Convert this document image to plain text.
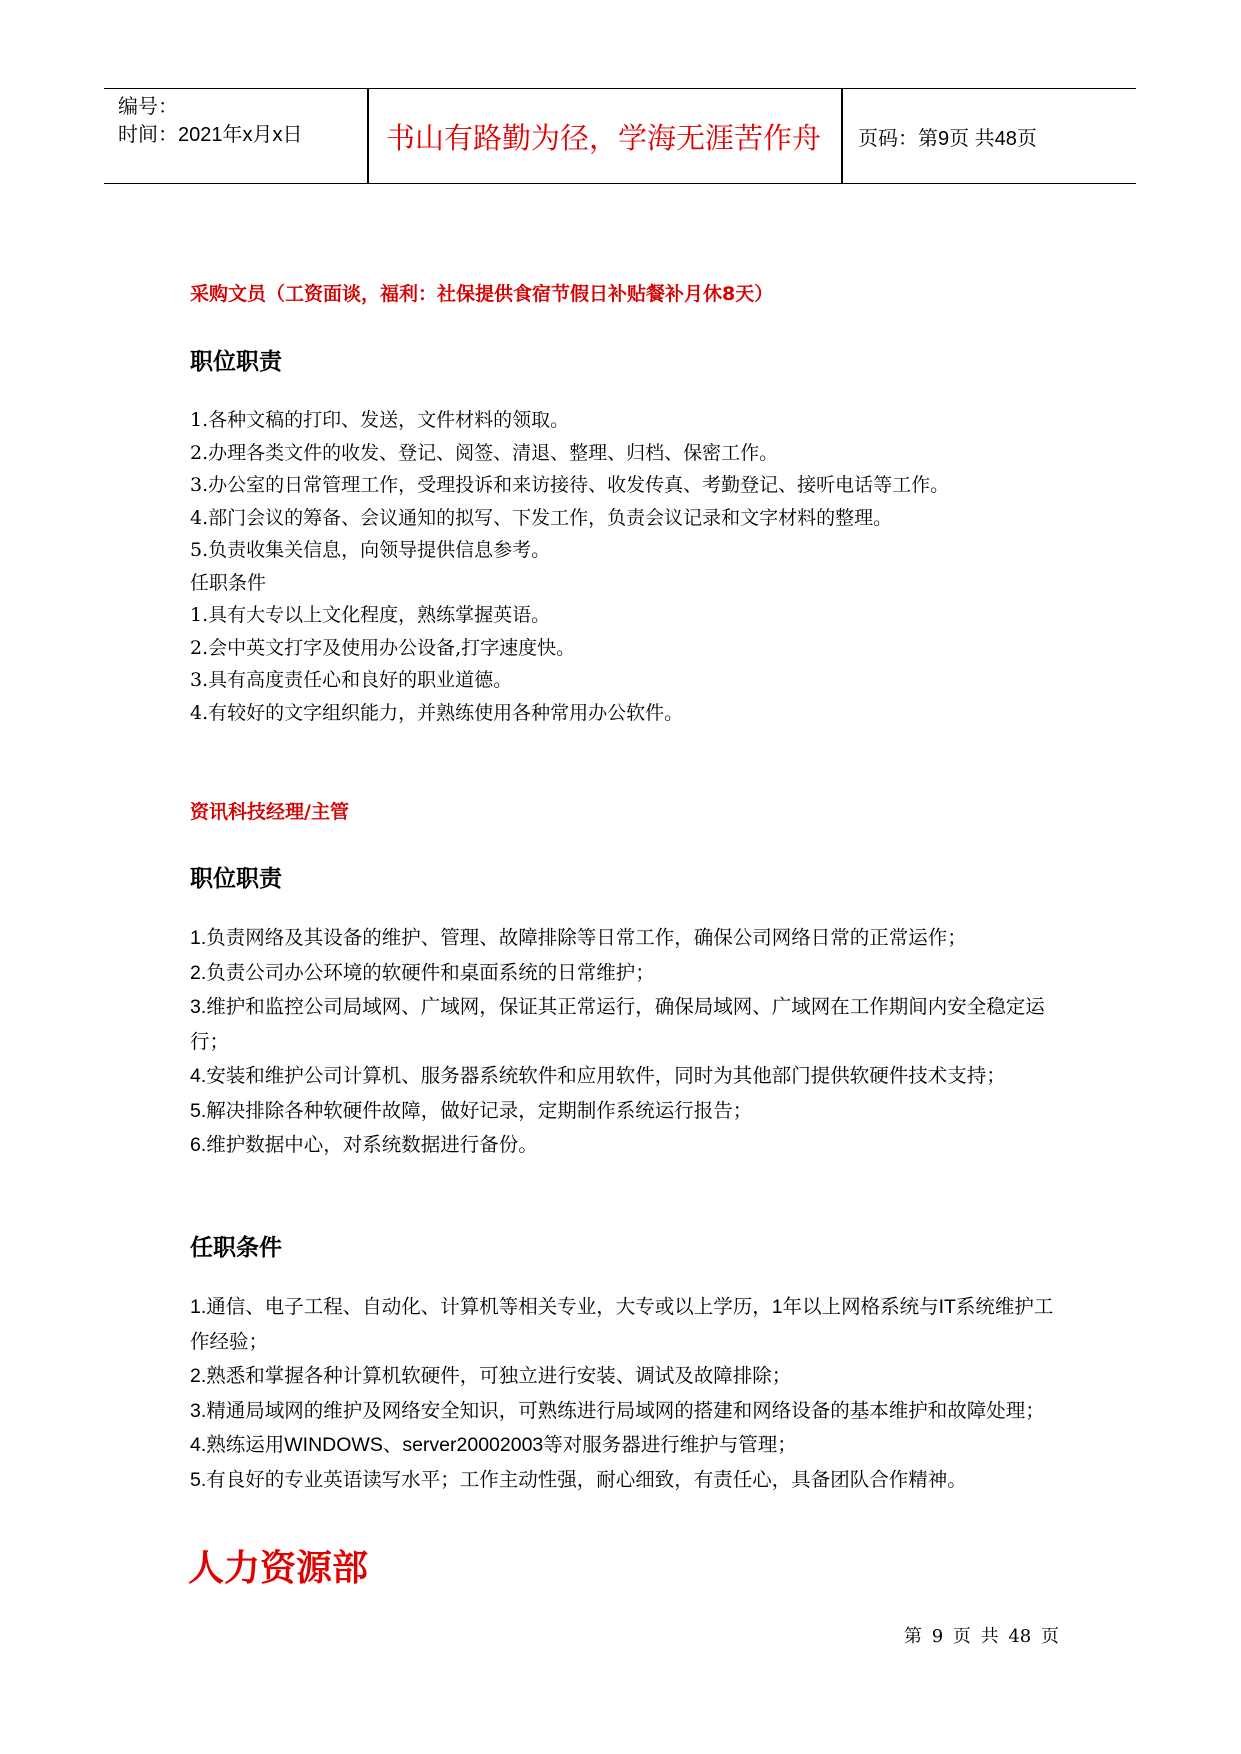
编号：
时间：2021年x月x日	书山有路勤为径，学海无涯苦作舟	页码：第9页 共48页
采购文员（工资面谈，福利：社保提供食宿节假日补贴餐补月休8天）
职位职责
1.各种文稿的打印、发送，文件材料的领取。
2.办理各类文件的收发、登记、阅签、清退、整理、归档、保密工作。
3.办公室的日常管理工作，受理投诉和来访接待、收发传真、考勤登记、接听电话等工作。
4.部门会议的筹备、会议通知的拟写、下发工作，负责会议记录和文字材料的整理。
5.负责收集关信息，向领导提供信息参考。
任职条件
1.具有大专以上文化程度，熟练掌握英语。
2.会中英文打字及使用办公设备,打字速度快。
3.具有高度责任心和良好的职业道德。
4.有较好的文字组织能力，并熟练使用各种常用办公软件。
资讯科技经理/主管
职位职责
1.负责网络及其设备的维护、管理、故障排除等日常工作，确保公司网络日常的正常运作；
2.负责公司办公环境的软硬件和桌面系统的日常维护；
3.维护和监控公司局域网、广域网，保证其正常运行，确保局域网、广域网在工作期间内安全稳定运行；
4.安装和维护公司计算机、服务器系统软件和应用软件，同时为其他部门提供软硬件技术支持；
5.解决排除各种软硬件故障，做好记录，定期制作系统运行报告；
6.维护数据中心，对系统数据进行备份。
任职条件
1.通信、电子工程、自动化、计算机等相关专业，大专或以上学历，1年以上网格系统与IT系统维护工作经验；
2.熟悉和掌握各种计算机软硬件，可独立进行安装、调试及故障排除；
3.精通局域网的维护及网络安全知识，可熟练进行局域网的搭建和网络设备的基本维护和故障处理；
4.熟练运用WINDOWS、server20002003等对服务器进行维护与管理；
5.有良好的专业英语读写水平；工作主动性强，耐心细致，有责任心，具备团队合作精神。
人力资源部
第 9 页 共 48 页
